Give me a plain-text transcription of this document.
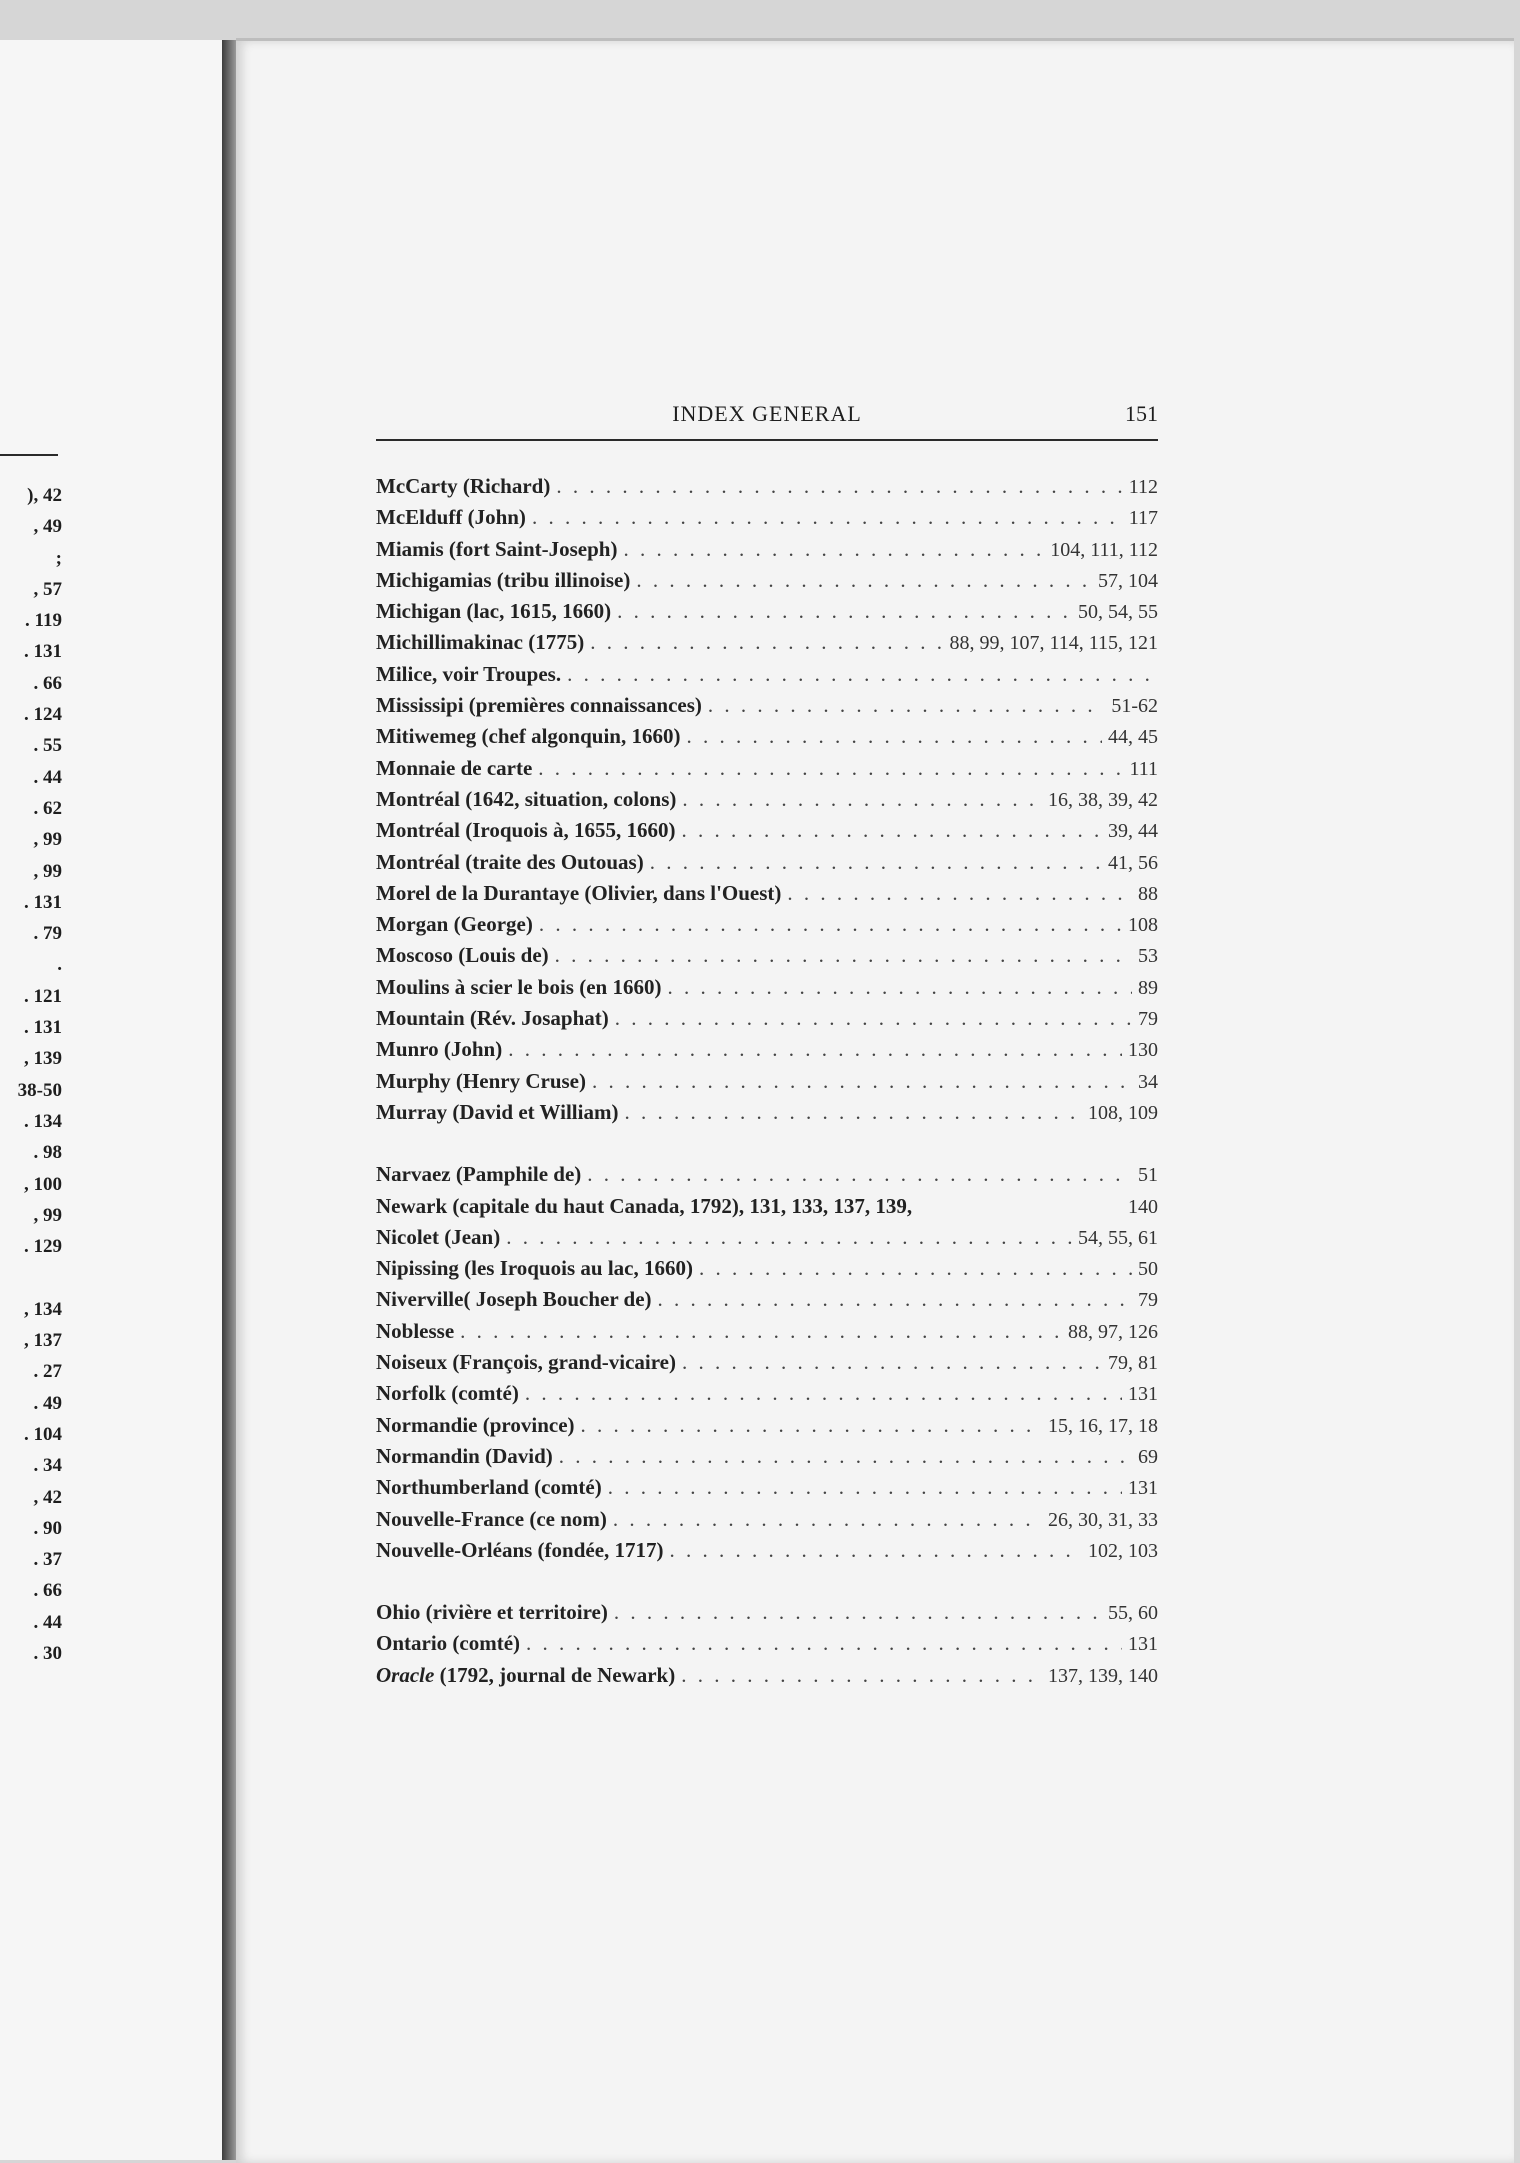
), 42
, 49
;
, 57
. 119
. 131
. 66
. 124
. 55
. 44
. 62
, 99
, 99
. 131
. 79
.
. 121
. 131
, 139
38-50
. 134
. 98
, 100
, 99
. 129
, 134
, 137
. 27
. 49
. 104
. 34
, 42
. 90
. 37
. 66
. 44
. 30
INDEX GENERAL	151
McCarty (Richard) . . .	112
McElduff (John) . . .	117
Miamis (fort Saint-Joseph) . . .	104, 111, 112
Michigamias (tribu illinoise) . . .	57, 104
Michigan (lac, 1615, 1660) . . .	50, 54, 55
Michillimakinac (1775) . . .	88, 99, 107, 114, 115, 121
Milice, voir Troupes.
. . .
Mississipi (premières connaissances) . . .	51-62
Mitiwemeg (chef algonquin, 1660) . . .	44, 45
Monnaie de carte . . .	111
Montréal (1642, situation, colons) . . .	16, 38, 39, 42
Montréal (Iroquois à, 1655, 1660) . . .	39, 44
Montréal (traite des Outouas) . . .	41, 56
Morel de la Durantaye (Olivier, dans l'Ouest) . . .	88
Morgan (George) . . .	108
Moscoso (Louis de) . . .	53
Moulins à scier le bois (en 1660) . . .	89
Mountain (Rév. Josaphat) . . .	79
Munro (John) . . .	130
Murphy (Henry Cruse) . . .	34
Murray (David et William) . . .	108, 109
Narvaez (Pamphile de) . . .	51
Newark (capitale du haut Canada, 1792), 131, 133, 137, 139,	140
Nicolet (Jean) . . .	54, 55, 61
Nipissing (les Iroquois au lac, 1660) . . .	50
Niverville( Joseph Boucher de) . . .	79
Noblesse . . .	88, 97, 126
Noiseux (François, grand-vicaire) . . .	79, 81
Norfolk (comté) . . .	131
Normandie (province) . . .	15, 16, 17, 18
Normandin (David) . . .	69
Northumberland (comté) . . .	131
Nouvelle-France (ce nom) . . .	26, 30, 31, 33
Nouvelle-Orléans (fondée, 1717) . . .	102, 103
Ohio (rivière et territoire) . . .	55, 60
Ontario (comté) . . .	131
Oracle (1792, journal de Newark) . . .	137, 139, 140
